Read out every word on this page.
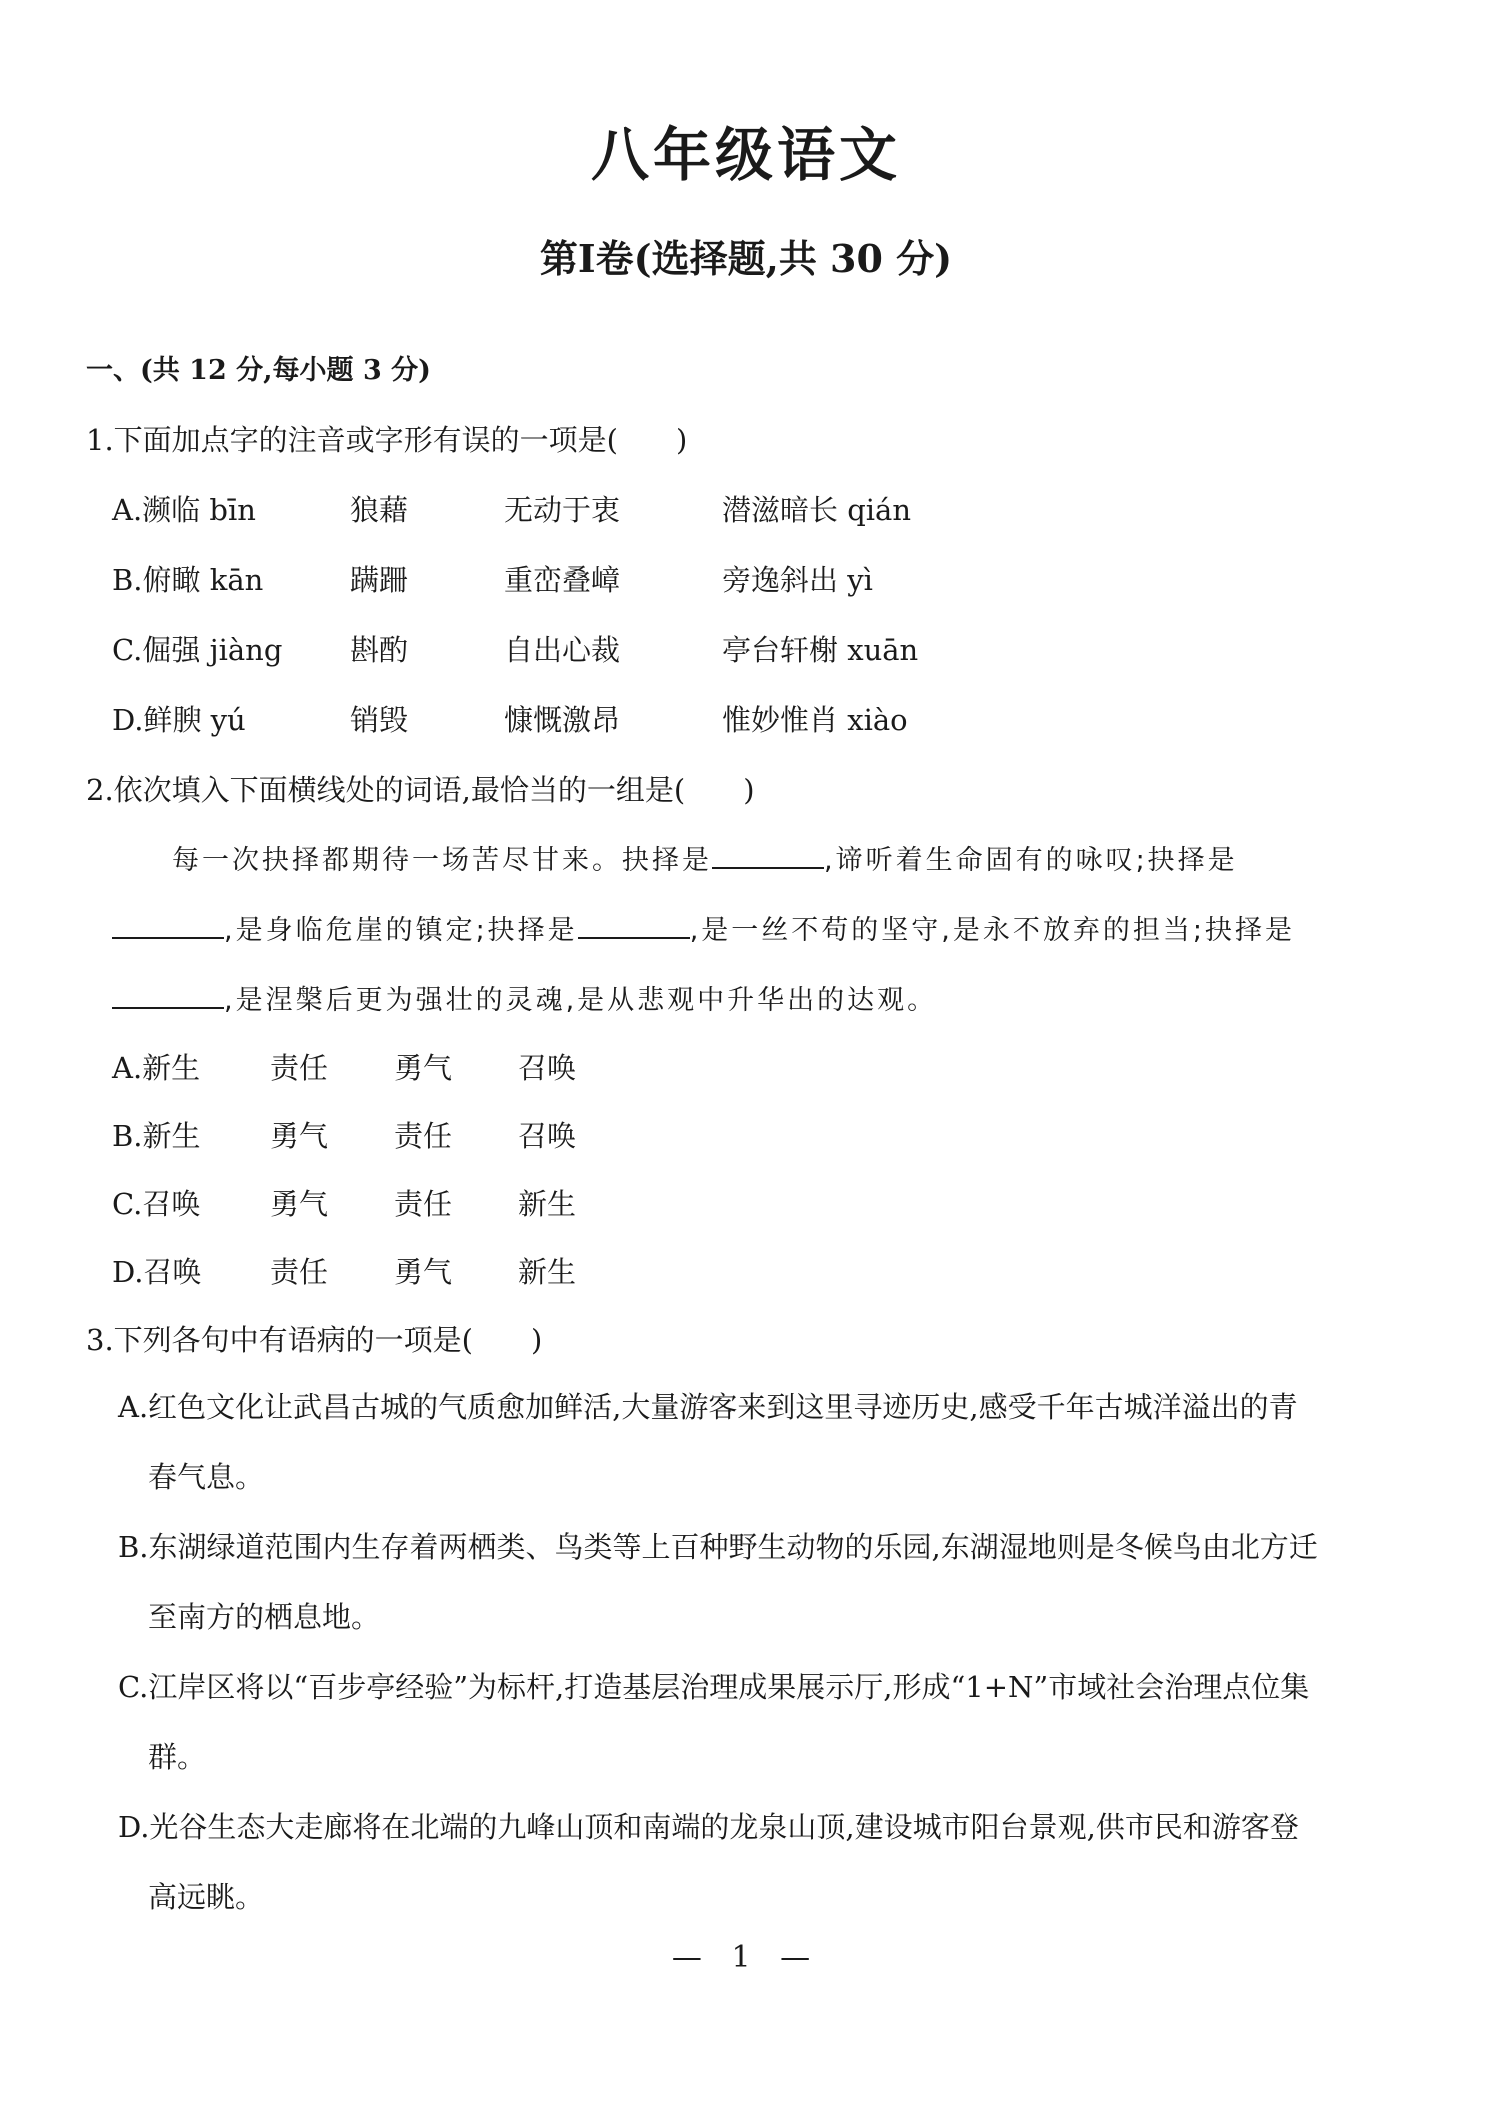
八年级语文
第Ⅰ卷(选择题,共 30 分)
一、(共 12 分,每小题 3 分)
1.下面加点字的注音或字形有误的一项是(　　)
A.濒临 bīn	狼藉	无动于衷	潜滋暗长 qián
B.俯瞰 kān	蹒跚	重峦叠嶂	旁逸斜出 yì
C.倔强 jiàng 斟酌	自出心裁	亭台轩榭 xuān
D.鲜腴 yú	销毁	慷慨激昂	惟妙惟肖 xiào
2.依次填入下面横线处的词语,最恰当的一组是(　　)
每一次抉择都期待一场苦尽甘来。抉择是	,谛听着生命固有的咏叹;抉择是
,是身临危崖的镇定;抉择是	,是一丝不苟的坚守,是永不放弃的担当;抉择是
,是涅槃后更为强壮的灵魂,是从悲观中升华出的达观。
A.新生 责任 勇气 召唤
B.新生 勇气 责任 召唤
C.召唤 勇气 责任 新生
D.召唤 责任 勇气 新生
3.下列各句中有语病的一项是(　　)
A.红色文化让武昌古城的气质愈加鲜活,大量游客来到这里寻迹历史,感受千年古城洋溢出的青
春气息。
B.东湖绿道范围内生存着两栖类、鸟类等上百种野生动物的乐园,东湖湿地则是冬候鸟由北方迁
至南方的栖息地。
C.江岸区将以“百步亭经验”为标杆,打造基层治理成果展示厅,形成“1+N”市域社会治理点位集
群。
D.光谷生态大走廊将在北端的九峰山顶和南端的龙泉山顶,建设城市阳台景观,供市民和游客登
高远眺。
— 1 —
